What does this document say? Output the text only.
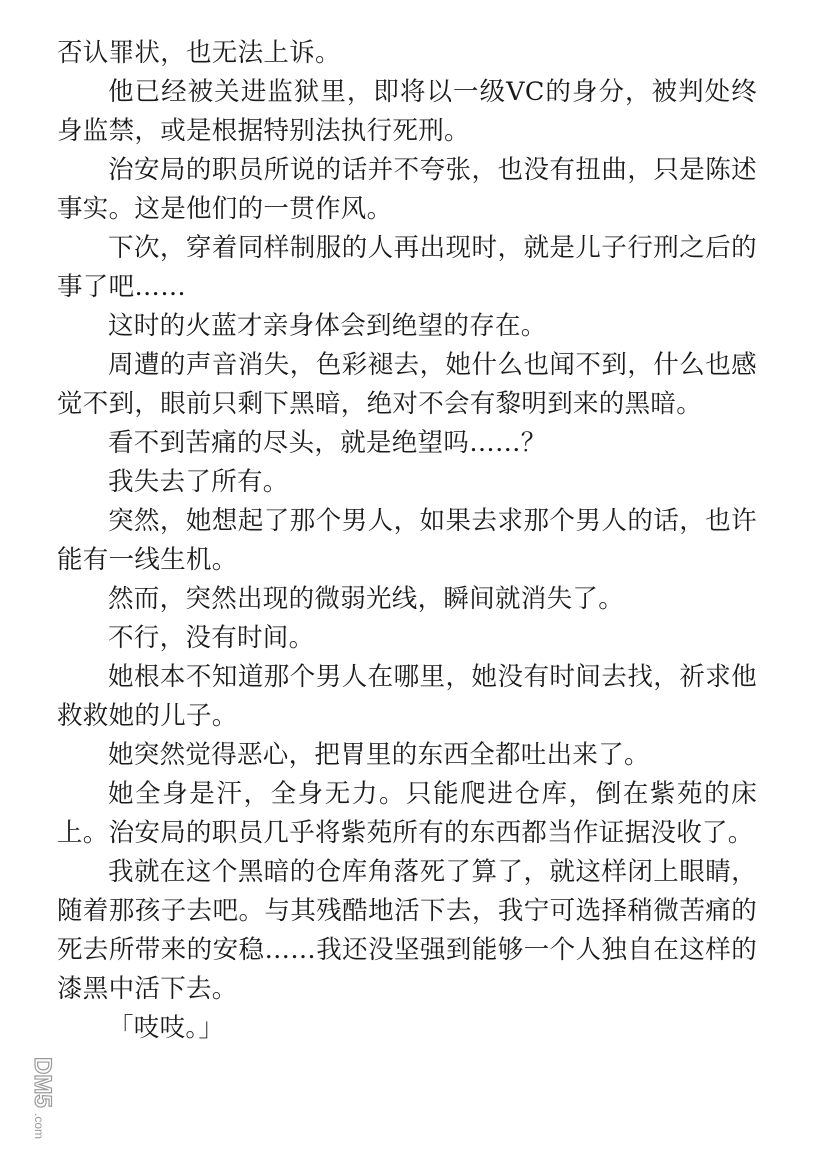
否认罪状，也无法上诉。

他已经被关进监狱里，即将以一级VC的身分，被判处终身监禁，或是根据特别法执行死刑。

治安局的职员所说的话并不夸张，也没有扭曲，只是陈述事实。这是他们的一贯作风。

下次，穿着同样制服的人再出现时，就是儿子行刑之后的事了吧……

这时的火蓝才亲身体会到绝望的存在。

周遭的声音消失，色彩褪去，她什么也闻不到，什么也感觉不到，眼前只剩下黑暗，绝对不会有黎明到来的黑暗。

看不到苦痛的尽头，就是绝望吗……？

我失去了所有。

突然，她想起了那个男人，如果去求那个男人的话，也许能有一线生机。

然而，突然出现的微弱光线，瞬间就消失了。

不行，没有时间。

她根本不知道那个男人在哪里，她没有时间去找，祈求他救救她的儿子。

她突然觉得恶心，把胃里的东西全都吐出来了。

她全身是汗，全身无力。只能爬进仓库，倒在紫苑的床上。治安局的职员几乎将紫苑所有的东西都当作证据没收了。

我就在这个黑暗的仓库角落死了算了，就这样闭上眼睛，随着那孩子去吧。与其残酷地活下去，我宁可选择稍微苦痛的死去所带来的安稳……我还没坚强到能够一个人独自在这样的漆黑中活下去。

「吱吱。」

DM5
.com
